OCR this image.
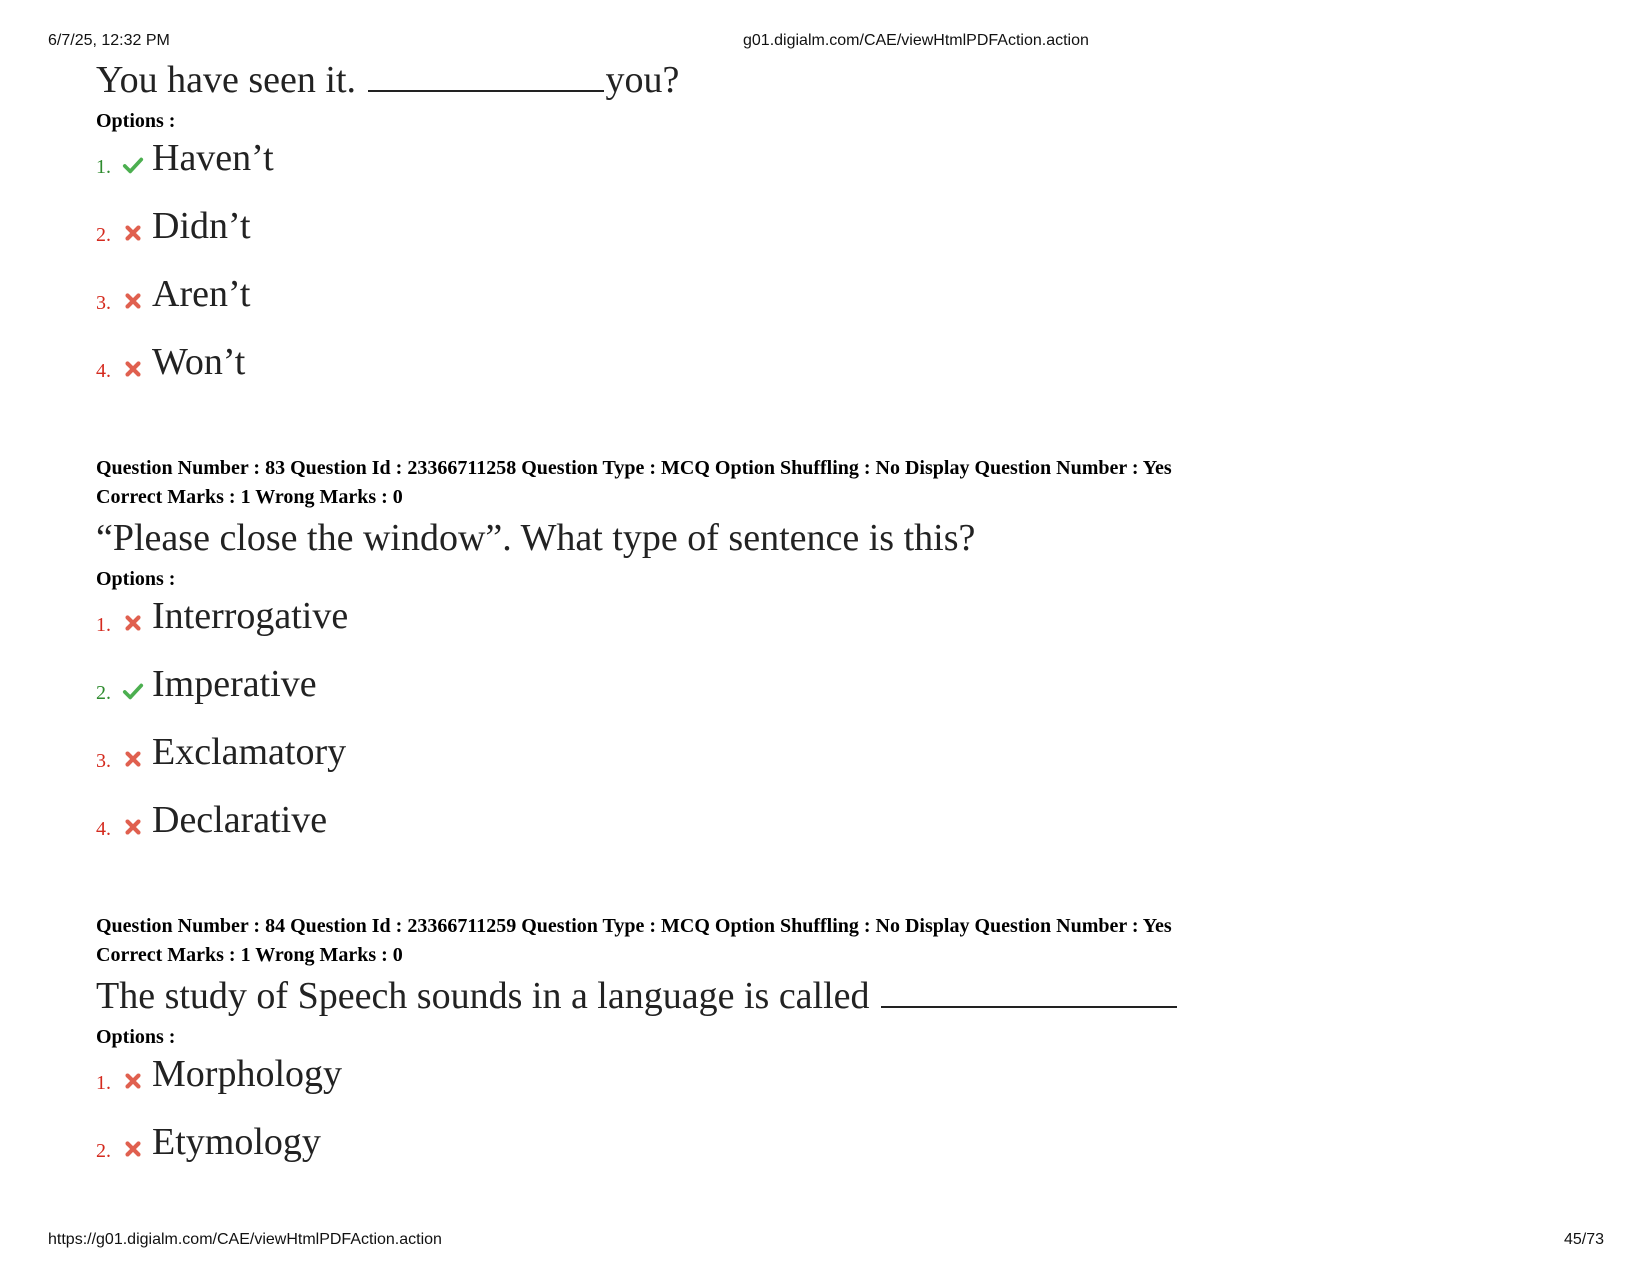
6/7/25, 12:32 PM	g01.digialm.com/CAE/viewHtmlPDFAction.action
You have seen it.	you?
Options :
1. Haven’t
2. Didn’t
3. Aren’t
4. Won’t
Question Number : 83 Question Id : 23366711258 Question Type : MCQ Option Shuffling : No Display Question Number : Yes
Correct Marks : 1 Wrong Marks : 0
“Please close the window”. What type of sentence is this?
Options :
1. Interrogative
2. Imperative
3. Exclamatory
4. Declarative
Question Number : 84 Question Id : 23366711259 Question Type : MCQ Option Shuffling : No Display Question Number : Yes
Correct Marks : 1 Wrong Marks : 0
The study of Speech sounds in a language is called
Options :
1. Morphology
2. Etymology
https://g01.digialm.com/CAE/viewHtmlPDFAction.action	45/73
